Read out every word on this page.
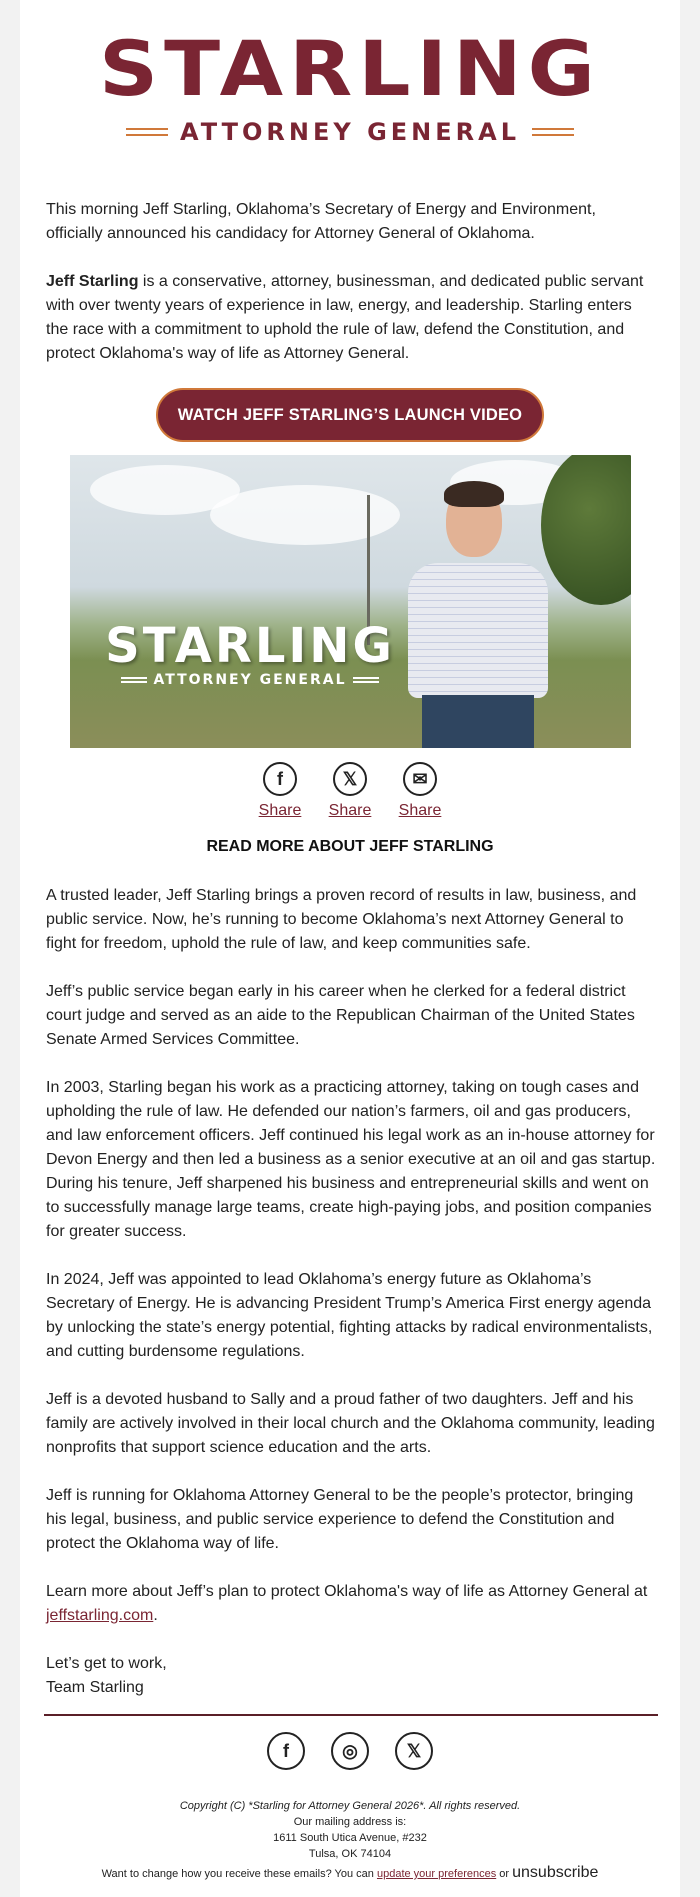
STARLING
ATTORNEY GENERAL

This morning Jeff Starling, Oklahoma’s Secretary of Energy and Environment, officially announced his candidacy for Attorney General of Oklahoma.

Jeff Starling is a conservative, attorney, businessman, and dedicated public servant with over twenty years of experience in law, energy, and leadership. Starling enters the race with a commitment to uphold the rule of law, defend the Constitution, and protect Oklahoma's way of life as Attorney General.

WATCH JEFF STARLING’S LAUNCH VIDEO
STARLING
ATTORNEY GENERAL
f
Share
𝕏
Share
✉
Share
READ MORE ABOUT JEFF STARLING

A trusted leader, Jeff Starling brings a proven record of results in law, business, and public service. Now, he’s running to become Oklahoma’s next Attorney General to fight for freedom, uphold the rule of law, and keep communities safe.

Jeff’s public service began early in his career when he clerked for a federal district court judge and served as an aide to the Republican Chairman of the United States Senate Armed Services Committee.

In 2003, Starling began his work as a practicing attorney, taking on tough cases and upholding the rule of law. He defended our nation’s farmers, oil and gas producers, and law enforcement officers. Jeff continued his legal work as an in-house attorney for Devon Energy and then led a business as a senior executive at an oil and gas startup. During his tenure, Jeff sharpened his business and entrepreneurial skills and went on to successfully manage large teams, create high-paying jobs, and position companies for greater success.

In 2024, Jeff was appointed to lead Oklahoma’s energy future as Oklahoma’s Secretary of Energy. He is advancing President Trump’s America First energy agenda by unlocking the state’s energy potential, fighting attacks by radical environmentalists, and cutting burdensome regulations.

Jeff is a devoted husband to Sally and a proud father of two daughters. Jeff and his family are actively involved in their local church and the Oklahoma community, leading nonprofits that support science education and the arts.

Jeff is running for Oklahoma Attorney General to be the people’s protector, bringing his legal, business, and public service experience to defend the Constitution and protect the Oklahoma way of life.

Learn more about Jeff’s plan to protect Oklahoma's way of life as Attorney General at jeffstarling.com.

Let’s get to work,

Team Starling

f	◎	𝕏
Copyright (C) *Starling for Attorney General 2026*. All rights reserved.
Our mailing address is:
1611 South Utica Avenue, #232
Tulsa, OK 74104
Want to change how you receive these emails? You can update your preferences or unsubscribe
